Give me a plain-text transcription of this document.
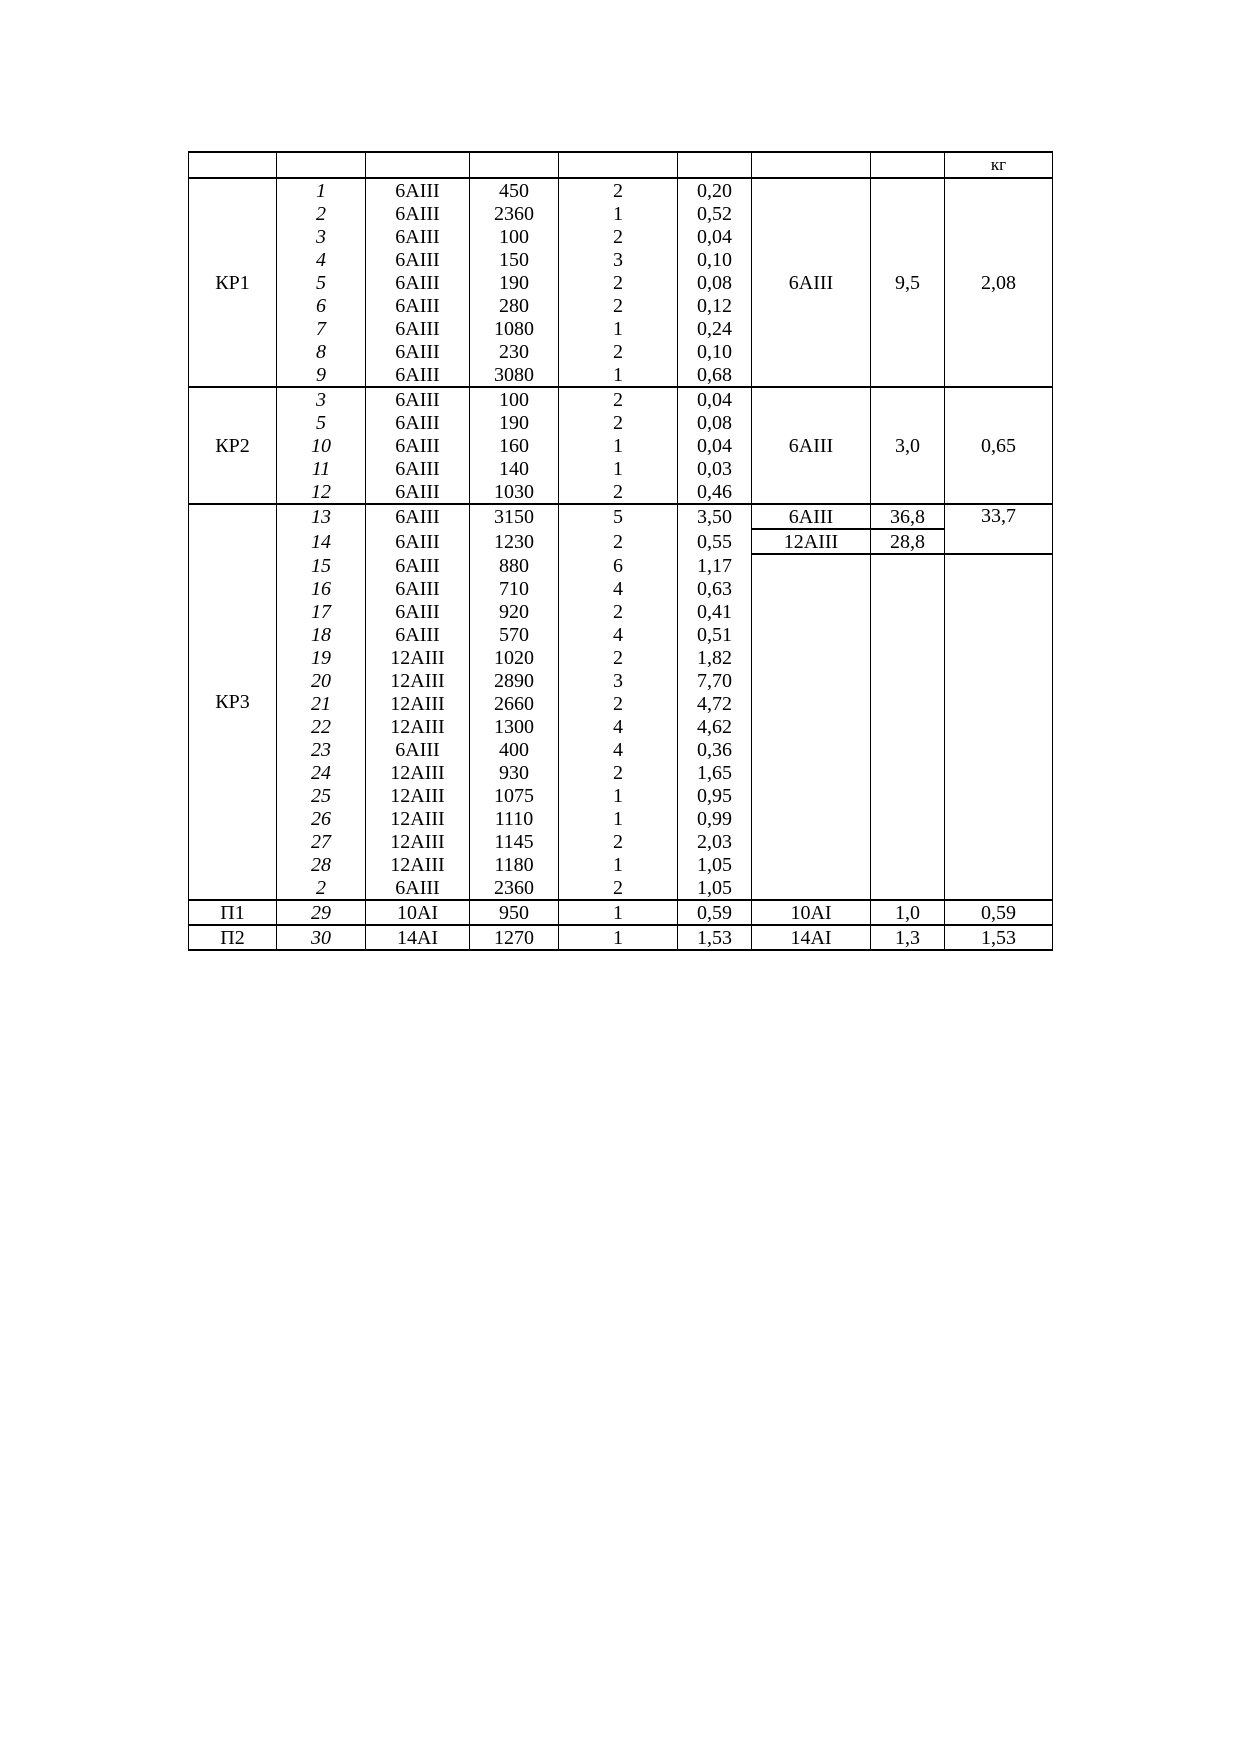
								кг
КР1	1	6АIII	450	2	0,20	6АIII	9,5	2,08
	2	6АIII	2360	1	0,52			
	3	6АIII	100	2	0,04			
	4	6АIII	150	3	0,10			
	5	6АIII	190	2	0,08			
	6	6АIII	280	2	0,12			
	7	6АIII	1080	1	0,24			
	8	6АIII	230	2	0,10			
	9	6АIII	3080	1	0,68			
КР2	3	6АIII	100	2	0,04	6АIII	3,0	0,65
	5	6АIII	190	2	0,08			
	10	6АIII	160	1	0,04			
	11	6АIII	140	1	0,03			
	12	6АIII	1030	2	0,46			
КР3	13	6АIII	3150	5	3,50	6АIII	36,8	33,7
	14	6АIII	1230	2	0,55	12АIII	28,8	
	15	6АIII	880	6	1,17			
	16	6АIII	710	4	0,63			
	17	6АIII	920	2	0,41			
	18	6АIII	570	4	0,51			
	19	12АIII	1020	2	1,82			
	20	12АIII	2890	3	7,70			
	21	12АIII	2660	2	4,72			
	22	12АIII	1300	4	4,62			
	23	6АIII	400	4	0,36			
	24	12АIII	930	2	1,65			
	25	12АIII	1075	1	0,95			
	26	12АIII	1110	1	0,99			
	27	12АIII	1145	2	2,03			
	28	12АIII	1180	1	1,05			
	2	6АIII	2360	2	1,05			
П1	29	10АI	950	1	0,59	10АI	1,0	0,59
П2	30	14АI	1270	1	1,53	14АI	1,3	1,53
